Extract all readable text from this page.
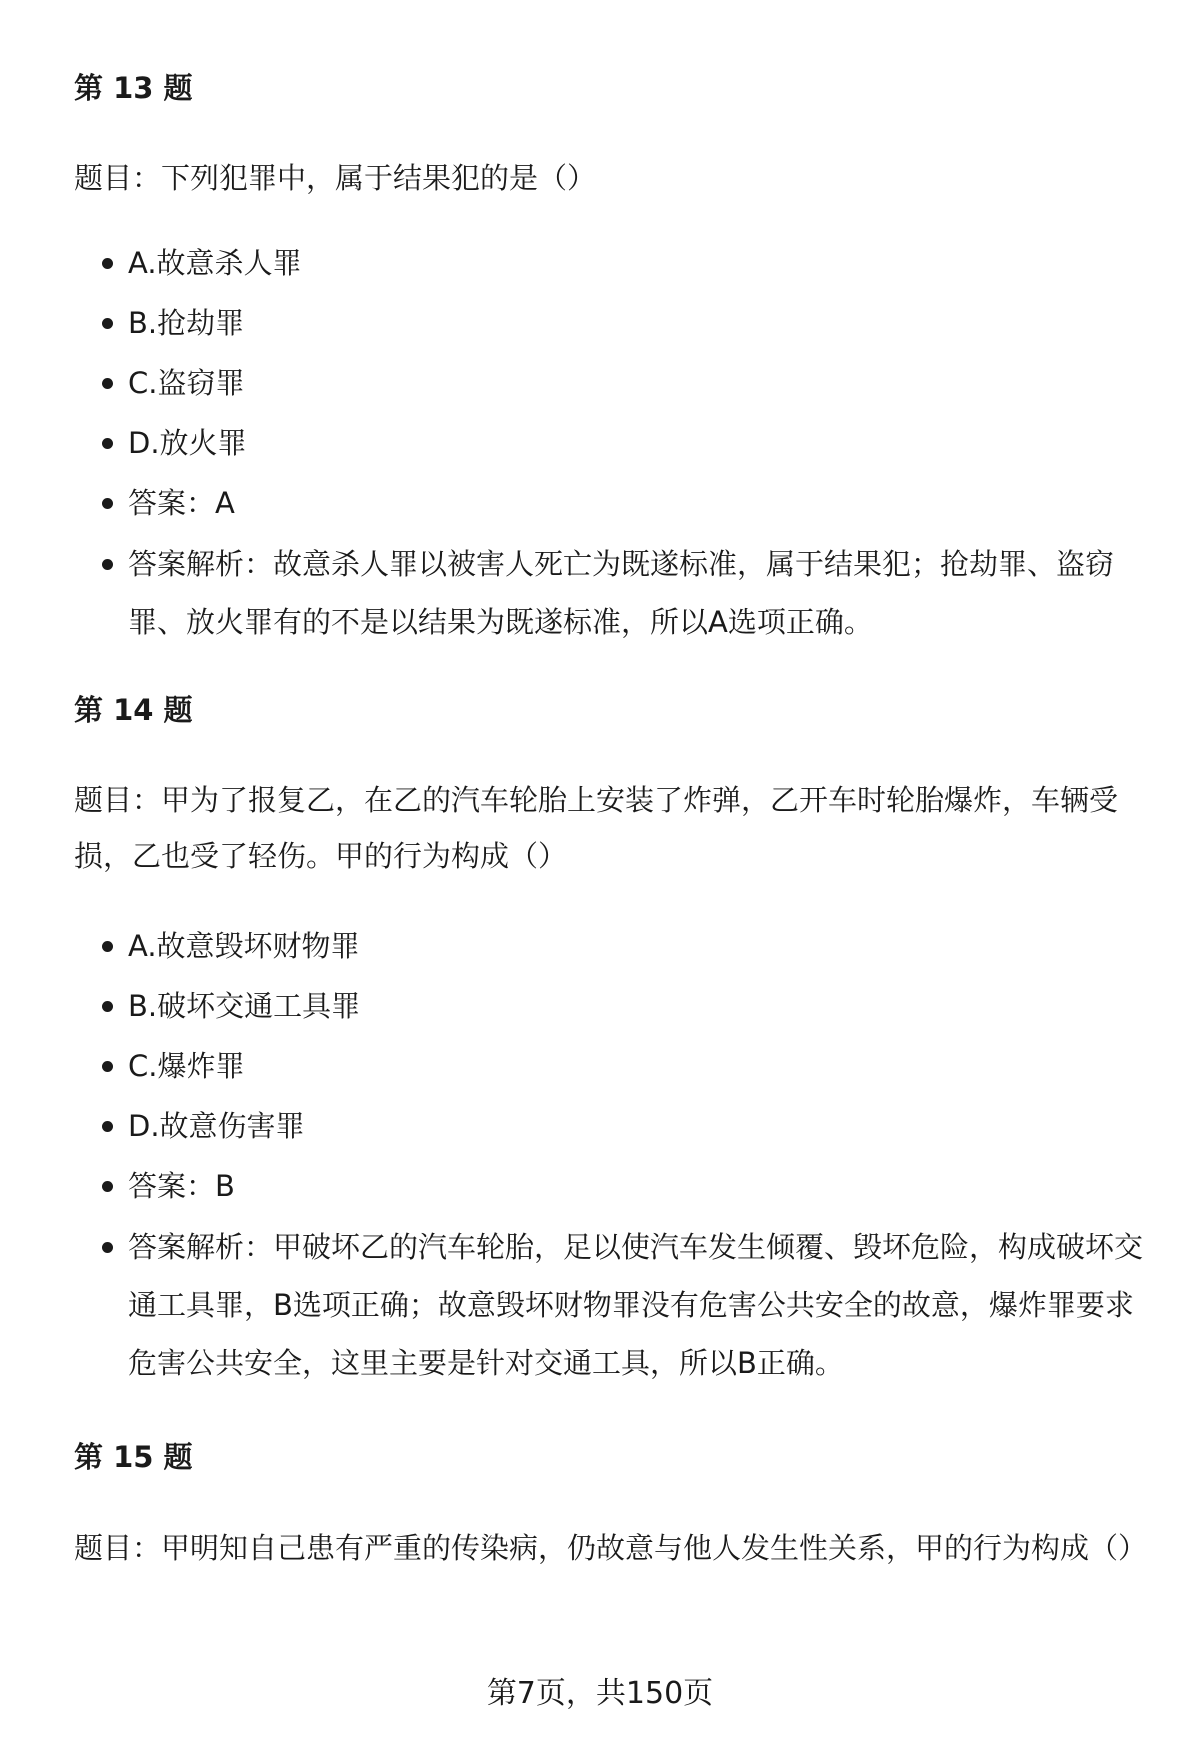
第 13 题

题目：下列犯罪中，属于结果犯的是（）

A.故意杀人罪
B.抢劫罪
C.盗窃罪
D.放火罪
答案：A
答案解析：故意杀人罪以被害人死亡为既遂标准，属于结果犯；抢劫罪、盗窃罪、放火罪有的不是以结果为既遂标准，所以A选项正确。
第 14 题

题目：甲为了报复乙，在乙的汽车轮胎上安装了炸弹，乙开车时轮胎爆炸，车辆受损，乙也受了轻伤。甲的行为构成（）

A.故意毁坏财物罪
B.破坏交通工具罪
C.爆炸罪
D.故意伤害罪
答案：B
答案解析：甲破坏乙的汽车轮胎，足以使汽车发生倾覆、毁坏危险，构成破坏交通工具罪，B选项正确；故意毁坏财物罪没有危害公共安全的故意，爆炸罪要求危害公共安全，这里主要是针对交通工具，所以B正确。
第 15 题

题目：甲明知自己患有严重的传染病，仍故意与他人发生性关系，甲的行为构成（）

第7页，共150页
